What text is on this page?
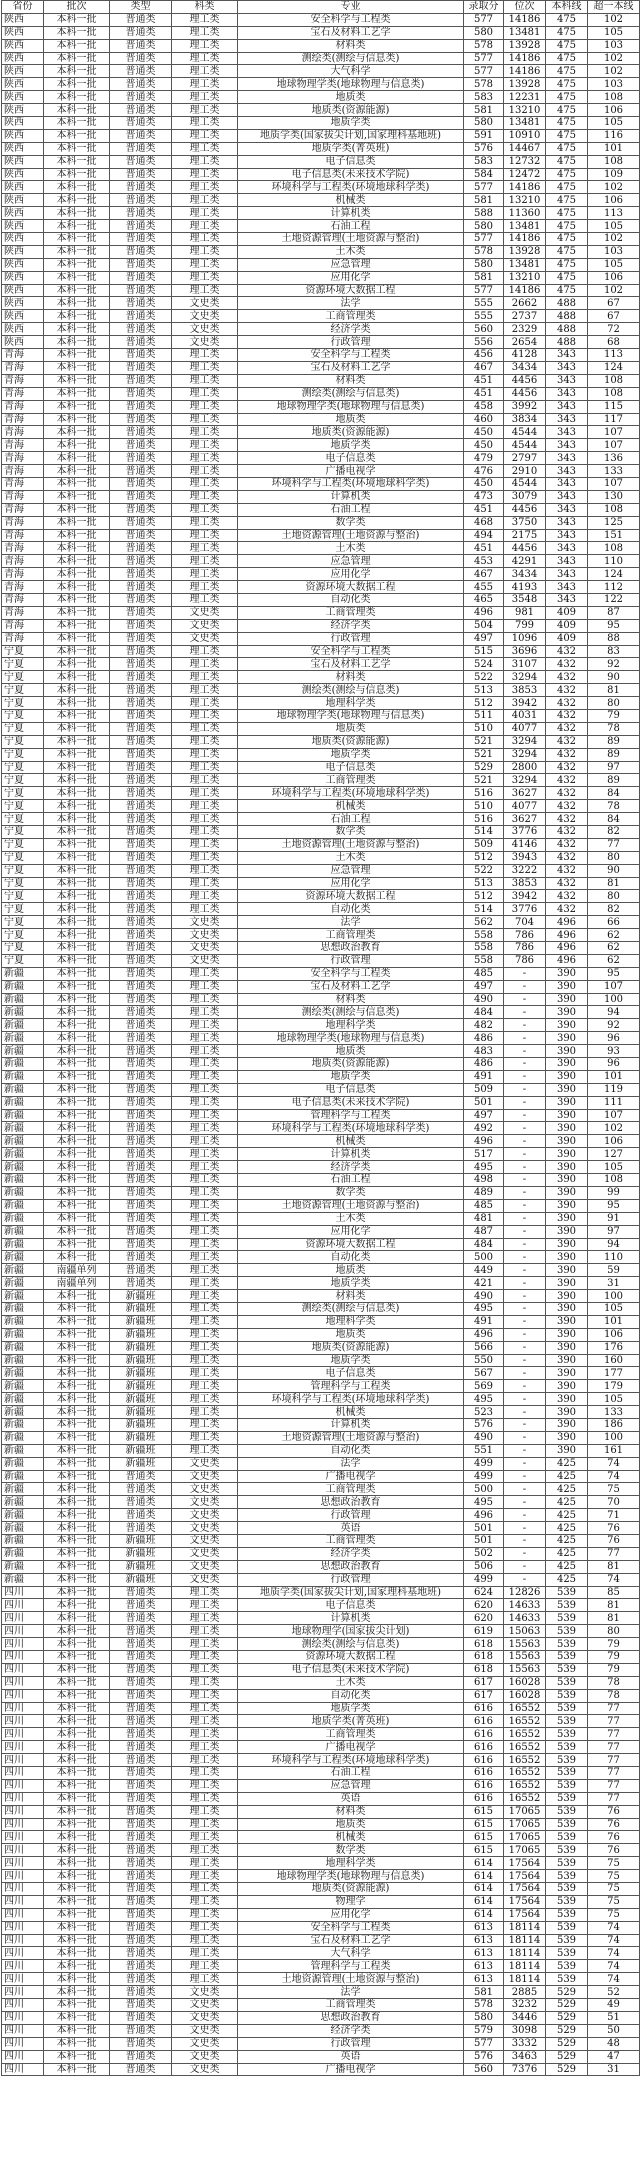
省份	批次	类型	科类	专业	录取分	位次	本科线	超一本线
陕西	本科一批	普通类	理工类	安全科学与工程类	577	14186	475	102
陕西	本科一批	普通类	理工类	宝石及材料工艺学	580	13481	475	105
陕西	本科一批	普通类	理工类	材料类	578	13928	475	103
陕西	本科一批	普通类	理工类	测绘类(测绘与信息类)	577	14186	475	102
陕西	本科一批	普通类	理工类	大气科学	577	14186	475	102
陕西	本科一批	普通类	理工类	地球物理学类(地球物理与信息类)	578	13928	475	103
陕西	本科一批	普通类	理工类	地质类	583	12231	475	108
陕西	本科一批	普通类	理工类	地质类(资源能源)	581	13210	475	106
陕西	本科一批	普通类	理工类	地质学类	580	13481	475	105
陕西	本科一批	普通类	理工类	地质学类(国家拔尖计划,国家理科基地班)	591	10910	475	116
陕西	本科一批	普通类	理工类	地质学类(菁英班)	576	14467	475	101
陕西	本科一批	普通类	理工类	电子信息类	583	12732	475	108
陕西	本科一批	普通类	理工类	电子信息类(未来技术学院)	584	12472	475	109
陕西	本科一批	普通类	理工类	环境科学与工程类(环境地球科学类)	577	14186	475	102
陕西	本科一批	普通类	理工类	机械类	581	13210	475	106
陕西	本科一批	普通类	理工类	计算机类	588	11360	475	113
陕西	本科一批	普通类	理工类	石油工程	580	13481	475	105
陕西	本科一批	普通类	理工类	土地资源管理(土地资源与整治)	577	14186	475	102
陕西	本科一批	普通类	理工类	土木类	578	13928	475	103
陕西	本科一批	普通类	理工类	应急管理	580	13481	475	105
陕西	本科一批	普通类	理工类	应用化学	581	13210	475	106
陕西	本科一批	普通类	理工类	资源环境大数据工程	577	14186	475	102
陕西	本科一批	普通类	文史类	法学	555	2662	488	67
陕西	本科一批	普通类	文史类	工商管理类	555	2737	488	67
陕西	本科一批	普通类	文史类	经济学类	560	2329	488	72
陕西	本科一批	普通类	文史类	行政管理	556	2654	488	68
青海	本科一批	普通类	理工类	安全科学与工程类	456	4128	343	113
青海	本科一批	普通类	理工类	宝石及材料工艺学	467	3434	343	124
青海	本科一批	普通类	理工类	材料类	451	4456	343	108
青海	本科一批	普通类	理工类	测绘类(测绘与信息类)	451	4456	343	108
青海	本科一批	普通类	理工类	地球物理学类(地球物理与信息类)	458	3992	343	115
青海	本科一批	普通类	理工类	地质类	460	3834	343	117
青海	本科一批	普通类	理工类	地质类(资源能源)	450	4544	343	107
青海	本科一批	普通类	理工类	地质学类	450	4544	343	107
青海	本科一批	普通类	理工类	电子信息类	479	2797	343	136
青海	本科一批	普通类	理工类	广播电视学	476	2910	343	133
青海	本科一批	普通类	理工类	环境科学与工程类(环境地球科学类)	450	4544	343	107
青海	本科一批	普通类	理工类	计算机类	473	3079	343	130
青海	本科一批	普通类	理工类	石油工程	451	4456	343	108
青海	本科一批	普通类	理工类	数学类	468	3750	343	125
青海	本科一批	普通类	理工类	土地资源管理(土地资源与整治)	494	2175	343	151
青海	本科一批	普通类	理工类	土木类	451	4456	343	108
青海	本科一批	普通类	理工类	应急管理	453	4291	343	110
青海	本科一批	普通类	理工类	应用化学	467	3434	343	124
青海	本科一批	普通类	理工类	资源环境大数据工程	455	4193	343	112
青海	本科一批	普通类	理工类	自动化类	465	3548	343	122
青海	本科一批	普通类	文史类	工商管理类	496	981	409	87
青海	本科一批	普通类	文史类	经济学类	504	799	409	95
青海	本科一批	普通类	文史类	行政管理	497	1096	409	88
宁夏	本科一批	普通类	理工类	安全科学与工程类	515	3696	432	83
宁夏	本科一批	普通类	理工类	宝石及材料工艺学	524	3107	432	92
宁夏	本科一批	普通类	理工类	材料类	522	3294	432	90
宁夏	本科一批	普通类	理工类	测绘类(测绘与信息类)	513	3853	432	81
宁夏	本科一批	普通类	理工类	地理科学类	512	3942	432	80
宁夏	本科一批	普通类	理工类	地球物理学类(地球物理与信息类)	511	4031	432	79
宁夏	本科一批	普通类	理工类	地质类	510	4077	432	78
宁夏	本科一批	普通类	理工类	地质类(资源能源)	521	3294	432	89
宁夏	本科一批	普通类	理工类	地质学类	521	3294	432	89
宁夏	本科一批	普通类	理工类	电子信息类	529	2800	432	97
宁夏	本科一批	普通类	理工类	工商管理类	521	3294	432	89
宁夏	本科一批	普通类	理工类	环境科学与工程类(环境地球科学类)	516	3627	432	84
宁夏	本科一批	普通类	理工类	机械类	510	4077	432	78
宁夏	本科一批	普通类	理工类	石油工程	516	3627	432	84
宁夏	本科一批	普通类	理工类	数学类	514	3776	432	82
宁夏	本科一批	普通类	理工类	土地资源管理(土地资源与整治)	509	4146	432	77
宁夏	本科一批	普通类	理工类	土木类	512	3943	432	80
宁夏	本科一批	普通类	理工类	应急管理	522	3222	432	90
宁夏	本科一批	普通类	理工类	应用化学	513	3853	432	81
宁夏	本科一批	普通类	理工类	资源环境大数据工程	512	3942	432	80
宁夏	本科一批	普通类	理工类	自动化类	514	3776	432	82
宁夏	本科一批	普通类	文史类	法学	562	704	496	66
宁夏	本科一批	普通类	文史类	工商管理类	558	786	496	62
宁夏	本科一批	普通类	文史类	思想政治教育	558	786	496	62
宁夏	本科一批	普通类	文史类	行政管理	558	786	496	62
新疆	本科一批	普通类	理工类	安全科学与工程类	485	-	390	95
新疆	本科一批	普通类	理工类	宝石及材料工艺学	497	-	390	107
新疆	本科一批	普通类	理工类	材料类	490	-	390	100
新疆	本科一批	普通类	理工类	测绘类(测绘与信息类)	484	-	390	94
新疆	本科一批	普通类	理工类	地理科学类	482	-	390	92
新疆	本科一批	普通类	理工类	地球物理学类(地球物理与信息类)	486	-	390	96
新疆	本科一批	普通类	理工类	地质类	483	-	390	93
新疆	本科一批	普通类	理工类	地质类(资源能源)	486	-	390	96
新疆	本科一批	普通类	理工类	地质学类	491	-	390	101
新疆	本科一批	普通类	理工类	电子信息类	509	-	390	119
新疆	本科一批	普通类	理工类	电子信息类(未来技术学院)	501	-	390	111
新疆	本科一批	普通类	理工类	管理科学与工程类	497	-	390	107
新疆	本科一批	普通类	理工类	环境科学与工程类(环境地球科学类)	492	-	390	102
新疆	本科一批	普通类	理工类	机械类	496	-	390	106
新疆	本科一批	普通类	理工类	计算机类	517	-	390	127
新疆	本科一批	普通类	理工类	经济学类	495	-	390	105
新疆	本科一批	普通类	理工类	石油工程	498	-	390	108
新疆	本科一批	普通类	理工类	数学类	489	-	390	99
新疆	本科一批	普通类	理工类	土地资源管理(土地资源与整治)	485	-	390	95
新疆	本科一批	普通类	理工类	土木类	481	-	390	91
新疆	本科一批	普通类	理工类	应用化学	487	-	390	97
新疆	本科一批	普通类	理工类	资源环境大数据工程	484	-	390	94
新疆	本科一批	普通类	理工类	自动化类	500	-	390	110
新疆	南疆单列	普通类	理工类	地质类	449	-	390	59
新疆	南疆单列	普通类	理工类	地质学类	421	-	390	31
新疆	本科一批	新疆班	理工类	材料类	490	-	390	100
新疆	本科一批	新疆班	理工类	测绘类(测绘与信息类)	495	-	390	105
新疆	本科一批	新疆班	理工类	地理科学类	491	-	390	101
新疆	本科一批	新疆班	理工类	地质类	496	-	390	106
新疆	本科一批	新疆班	理工类	地质类(资源能源)	566	-	390	176
新疆	本科一批	新疆班	理工类	地质学类	550	-	390	160
新疆	本科一批	新疆班	理工类	电子信息类	567	-	390	177
新疆	本科一批	新疆班	理工类	管理科学与工程类	569	-	390	179
新疆	本科一批	新疆班	理工类	环境科学与工程类(环境地球科学类)	495	-	390	105
新疆	本科一批	新疆班	理工类	机械类	523	-	390	133
新疆	本科一批	新疆班	理工类	计算机类	576	-	390	186
新疆	本科一批	新疆班	理工类	土地资源管理(土地资源与整治)	490	-	390	100
新疆	本科一批	新疆班	理工类	自动化类	551	-	390	161
新疆	本科一批	新疆班	文史类	法学	499	-	425	74
新疆	本科一批	普通类	文史类	广播电视学	499	-	425	74
新疆	本科一批	普通类	文史类	工商管理类	500	-	425	75
新疆	本科一批	普通类	文史类	思想政治教育	495	-	425	70
新疆	本科一批	普通类	文史类	行政管理	496	-	425	71
新疆	本科一批	普通类	文史类	英语	501	-	425	76
新疆	本科一批	新疆班	文史类	工商管理类	501	-	425	76
新疆	本科一批	新疆班	文史类	经济学类	502	-	425	77
新疆	本科一批	新疆班	文史类	思想政治教育	506	-	425	81
新疆	本科一批	新疆班	文史类	行政管理	499	-	425	74
四川	本科一批	普通类	理工类	地质学类(国家拔尖计划,国家理科基地班)	624	12826	539	85
四川	本科一批	普通类	理工类	电子信息类	620	14633	539	81
四川	本科一批	普通类	理工类	计算机类	620	14633	539	81
四川	本科一批	普通类	理工类	地球物理学(国家拔尖计划)	619	15063	539	80
四川	本科一批	普通类	理工类	测绘类(测绘与信息类)	618	15563	539	79
四川	本科一批	普通类	理工类	资源环境大数据工程	618	15563	539	79
四川	本科一批	普通类	理工类	电子信息类(未来技术学院)	618	15563	539	79
四川	本科一批	普通类	理工类	土木类	617	16028	539	78
四川	本科一批	普通类	理工类	自动化类	617	16028	539	78
四川	本科一批	普通类	理工类	地质学类	616	16552	539	77
四川	本科一批	普通类	理工类	地质学类(菁英班)	616	16552	539	77
四川	本科一批	普通类	理工类	工商管理类	616	16552	539	77
四川	本科一批	普通类	理工类	广播电视学	616	16552	539	77
四川	本科一批	普通类	理工类	环境科学与工程类(环境地球科学类)	616	16552	539	77
四川	本科一批	普通类	理工类	石油工程	616	16552	539	77
四川	本科一批	普通类	理工类	应急管理	616	16552	539	77
四川	本科一批	普通类	理工类	英语	616	16552	539	77
四川	本科一批	普通类	理工类	材料类	615	17065	539	76
四川	本科一批	普通类	理工类	地质类	615	17065	539	76
四川	本科一批	普通类	理工类	机械类	615	17065	539	76
四川	本科一批	普通类	理工类	数学类	615	17065	539	76
四川	本科一批	普通类	理工类	地理科学类	614	17564	539	75
四川	本科一批	普通类	理工类	地球物理学类(地球物理与信息类)	614	17564	539	75
四川	本科一批	普通类	理工类	地质类(资源能源)	614	17564	539	75
四川	本科一批	普通类	理工类	物理学	614	17564	539	75
四川	本科一批	普通类	理工类	应用化学	614	17564	539	75
四川	本科一批	普通类	理工类	安全科学与工程类	613	18114	539	74
四川	本科一批	普通类	理工类	宝石及材料工艺学	613	18114	539	74
四川	本科一批	普通类	理工类	大气科学	613	18114	539	74
四川	本科一批	普通类	理工类	管理科学与工程类	613	18114	539	74
四川	本科一批	普通类	理工类	土地资源管理(土地资源与整治)	613	18114	539	74
四川	本科一批	普通类	文史类	法学	581	2885	529	52
四川	本科一批	普通类	文史类	工商管理类	578	3232	529	49
四川	本科一批	普通类	文史类	思想政治教育	580	3446	529	51
四川	本科一批	普通类	文史类	经济学类	579	3098	529	50
四川	本科一批	普通类	文史类	行政管理	577	3332	529	48
四川	本科一批	普通类	文史类	英语	576	3463	529	47
四川	本科一批	普通类	文史类	广播电视学	560	7376	529	31
